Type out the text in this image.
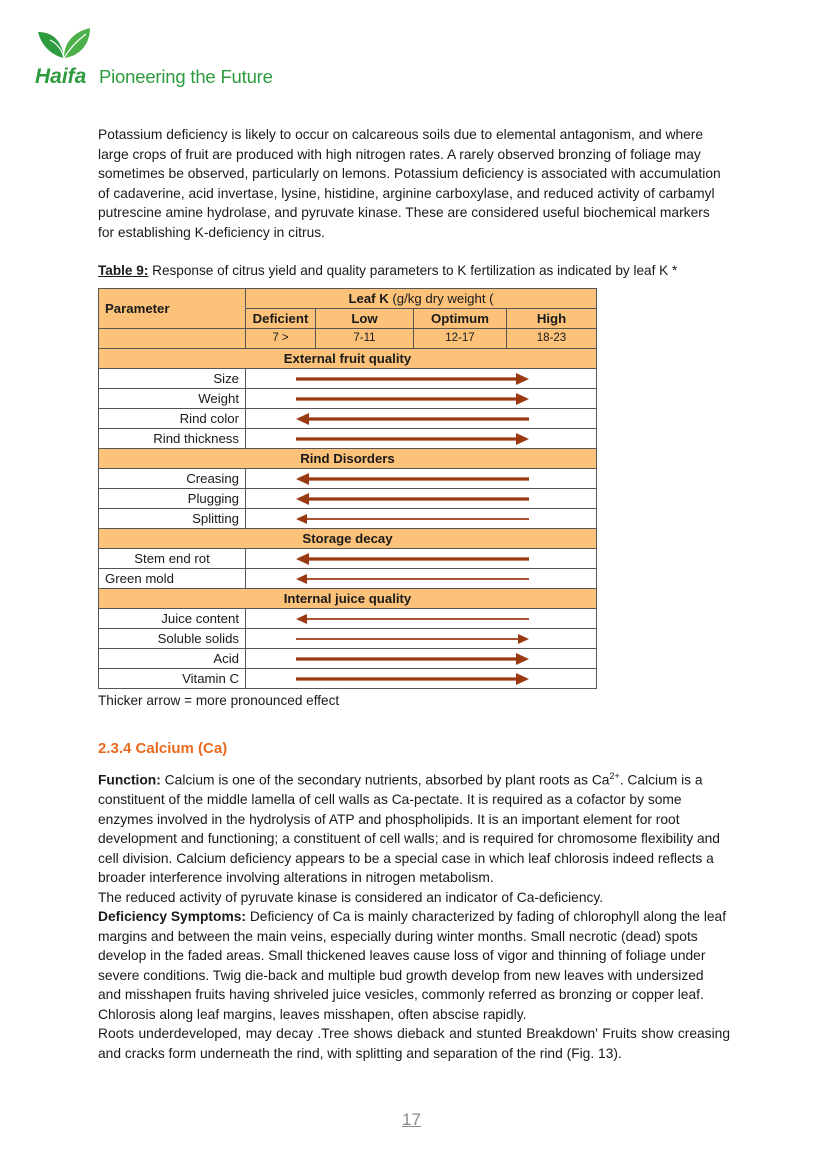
Haifa Pioneering the Future
Potassium deficiency is likely to occur on calcareous soils due to elemental antagonism, and where large crops of fruit are produced with high nitrogen rates. A rarely observed bronzing of foliage may sometimes be observed, particularly on lemons. Potassium deficiency is associated with accumulation of cadaverine, acid invertase, lysine, histidine, arginine carboxylase, and reduced activity of carbamyl putrescine amine hydrolase, and pyruvate kinase. These are considered useful biochemical markers for establishing K-deficiency in citrus.
Table 9: Response of citrus yield and quality parameters to K fertilization as indicated by leaf K *
Parameter	Leaf K (g/kg dry weight (			
	Deficient	Low	Optimum	High
	7 >	7-11	12-17	18-23
External fruit quality				
Size	

Weight	

Rind color	

Rind thickness	

Rind Disorders				
Creasing	

Plugging	

Splitting	

Storage decay				
Stem end rot	

Green mold	

Internal juice quality				
Juice content	

Soluble solids	

Acid	

Vitamin C	
Thicker arrow = more pronounced effect
2.3.4 Calcium (Ca)

Function: Calcium is one of the secondary nutrients, absorbed by plant roots as $Ca^{2+}$. Calcium is a constituent of the middle lamella of cell walls as Ca-pectate. It is required as a cofactor by some enzymes involved in the hydrolysis of ATP and phospholipids. It is an important element for root development and functioning; a constituent of cell walls; and is required for chromosome flexibility and cell division. Calcium deficiency appears to be a special case in which leaf chlorosis indeed reflects a broader interference involving alterations in nitrogen metabolism.

The reduced activity of pyruvate kinase is considered an indicator of Ca-deficiency.

Deficiency Symptoms: Deficiency of Ca is mainly characterized by fading of chlorophyll along the leaf margins and between the main veins, especially during winter months. Small necrotic (dead) spots develop in the faded areas. Small thickened leaves cause loss of vigor and thinning of foliage under severe conditions. Twig die-back and multiple bud growth develop from new leaves with undersized and misshapen fruits having shriveled juice vesicles, commonly referred as bronzing or copper leaf.

Chlorosis along leaf margins, leaves misshapen, often abscise rapidly.

Roots underdeveloped, may decay .Tree shows dieback and stunted Breakdown' Fruits show creasing and cracks form underneath the rind, with splitting and separation of the rind (Fig. 13).

17
